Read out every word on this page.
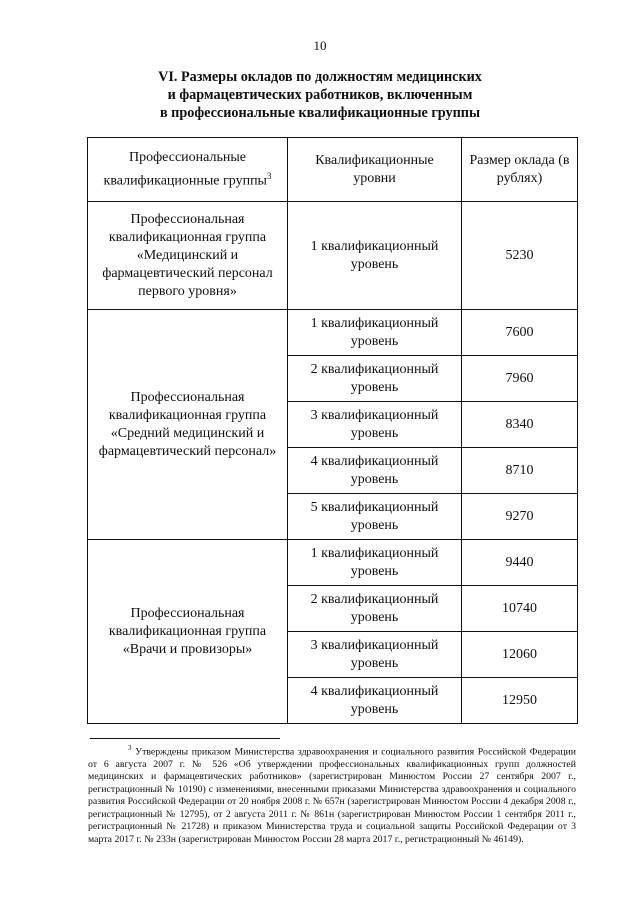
10
VI. Размеры окладов по должностям медицинских
и фармацевтических работников, включенным
в профессиональные квалификационные группы
Профессиональные квалификационные группы$^3$	Квалификационные уровни	Размер оклада (в рублях)
Профессиональная квалификационная группа «Медицинский и фармацевтический персонал первого уровня»	1 квалификационный уровень	5230
Профессиональная квалификационная группа «Средний медицинский и фармацевтический персонал»	1 квалификационный уровень	7600
	2 квалификационный уровень	7960
	3 квалификационный уровень	8340
	4 квалификационный уровень	8710
	5 квалификационный уровень	9270
Профессиональная квалификационная группа «Врачи и провизоры»	1 квалификационный уровень	9440
	2 квалификационный уровень	10740
	3 квалификационный уровень	12060
	4 квалификационный уровень	12950
$^3$ Утверждены приказом Министерства здравоохранения и социального развития Российской Федерации от 6 августа 2007 г. № 526 «Об утверждении профессиональных квалификационных групп должностей медицинских и фармацевтических работников» (зарегистрирован Минюстом России 27 сентября 2007 г., регистрационный № 10190) с изменениями, внесенными приказами Министерства здравоохранения и социального развития Российской Федерации от 20 ноября 2008 г. № 657н (зарегистрирован Минюстом России 4 декабря 2008 г., регистрационный № 12795), от 2 августа 2011 г. № 861н (зарегистрирован Минюстом России 1 сентября 2011 г., регистрационный № 21728) и приказом Министерства труда и социальной защиты Российской Федерации от 3 марта 2017 г. № 233н (зарегистрирован Минюстом России 28 марта 2017 г., регистрационный № 46149).
